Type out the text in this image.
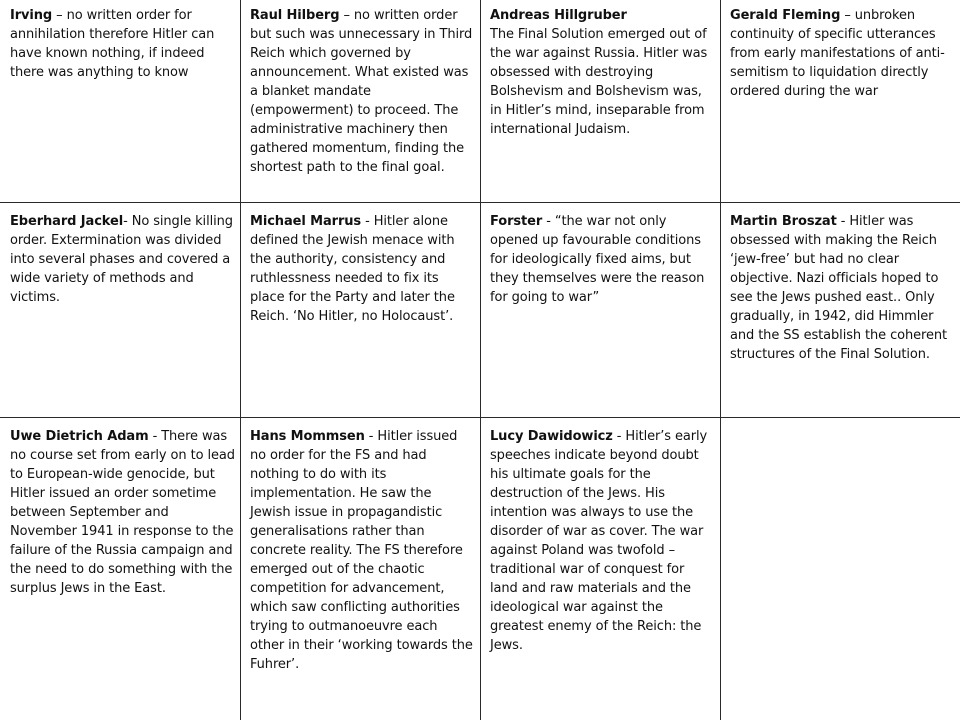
Irving – no written order for annihilation therefore Hitler can have known nothing, if indeed there was anything to know
Raul Hilberg – no written order but such was unnecessary in Third Reich which governed by announcement. What existed was a blanket mandate (empowerment) to proceed. The administrative machinery then gathered momentum, finding the shortest path to the final goal.
Andreas Hillgruber
The Final Solution emerged out of the war against Russia. Hitler was obsessed with destroying Bolshevism and Bolshevism was, in Hitler’s mind, inseparable from international Judaism.
Gerald Fleming – unbroken continuity of specific utterances from early manifestations of anti-semitism to liquidation directly ordered during the war
Eberhard Jackel- No single killing order. Extermination was divided into several phases and covered a wide variety of methods and victims.
Michael Marrus - Hitler alone defined the Jewish menace with the authority, consistency and ruthlessness needed to fix its place for the Party and later the Reich. ‘No Hitler, no Holocaust’.
Forster - “the war not only opened up favourable conditions for ideologically fixed aims, but they themselves were the reason for going to war”
Martin Broszat - Hitler was obsessed with making the Reich ‘jew-free’ but had no clear objective. Nazi officials hoped to see the Jews pushed east.. Only gradually, in 1942, did Himmler and the SS establish the coherent structures of the Final Solution.
Uwe Dietrich Adam - There was no course set from early on to lead to European-wide genocide, but Hitler issued an order sometime between September and November 1941 in response to the failure of the Russia campaign and the need to do something with the surplus Jews in the East.
Hans Mommsen - Hitler issued no order for the FS and had nothing to do with its implementation. He saw the Jewish issue in propagandistic generalisations rather than concrete reality. The FS therefore emerged out of the chaotic competition for advancement, which saw conflicting authorities trying to outmanoeuvre each other in their ‘working towards the Fuhrer’.
Lucy Dawidowicz - Hitler’s early speeches indicate beyond doubt his ultimate goals for the destruction of the Jews. His intention was always to use the disorder of war as cover. The war against Poland was twofold – traditional war of conquest for land and raw materials and the ideological war against the greatest enemy of the Reich: the Jews.
